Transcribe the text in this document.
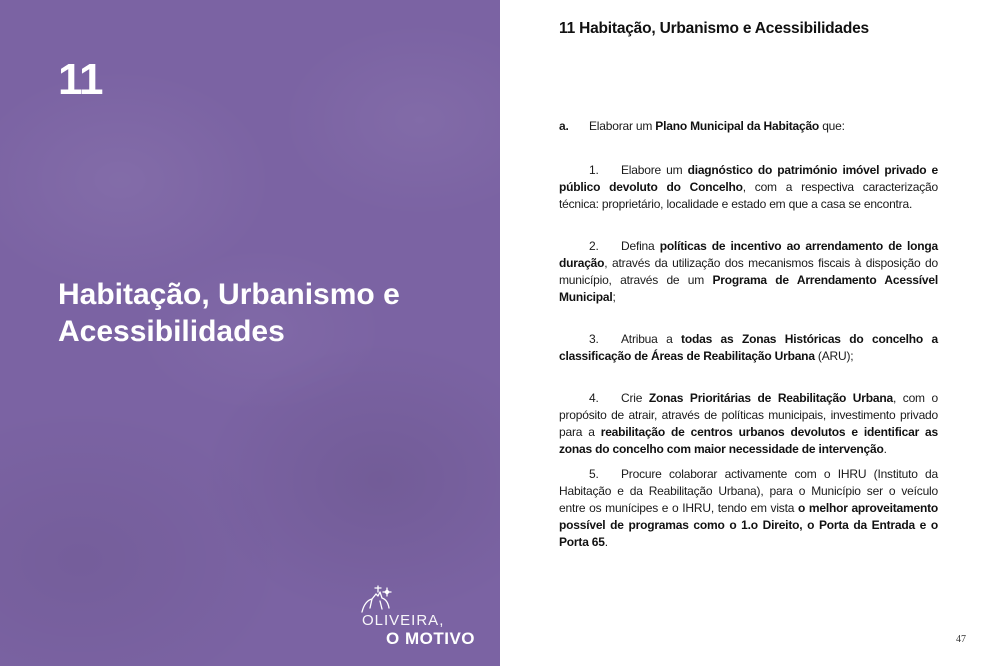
11
Habitação, Urbanismo e Acessibilidades
OLIVEIRA,
O MOTIVO
11 Habitação, Urbanismo e Acessibilidades

a. Elaborar um Plano Municipal da Habitação que:

1. Elabore um diagnóstico do património imóvel privado e público devoluto do Concelho, com a respectiva caracterização técnica: proprietário, localidade e estado em que a casa se encontra.

2. Defina políticas de incentivo ao arrendamento de longa duração, através da utilização dos mecanismos fiscais à disposição do município, através de um Programa de Arrendamento Acessível Municipal;

3. Atribua a todas as Zonas Históricas do concelho a classificação de Áreas de Reabilitação Urbana (ARU);

4. Crie Zonas Prioritárias de Reabilitação Urbana, com o propósito de atrair, através de políticas municipais, investimento privado para a reabilitação de centros urbanos devolutos e identificar as zonas do concelho com maior necessidade de intervenção.

5. Procure colaborar activamente com o IHRU (Instituto da Habitação e da Reabilitação Urbana), para o Município ser o veículo entre os munícipes e o IHRU, tendo em vista o melhor aproveitamento possível de programas como o 1.o Direito, o Porta da Entrada e o Porta 65.

47
